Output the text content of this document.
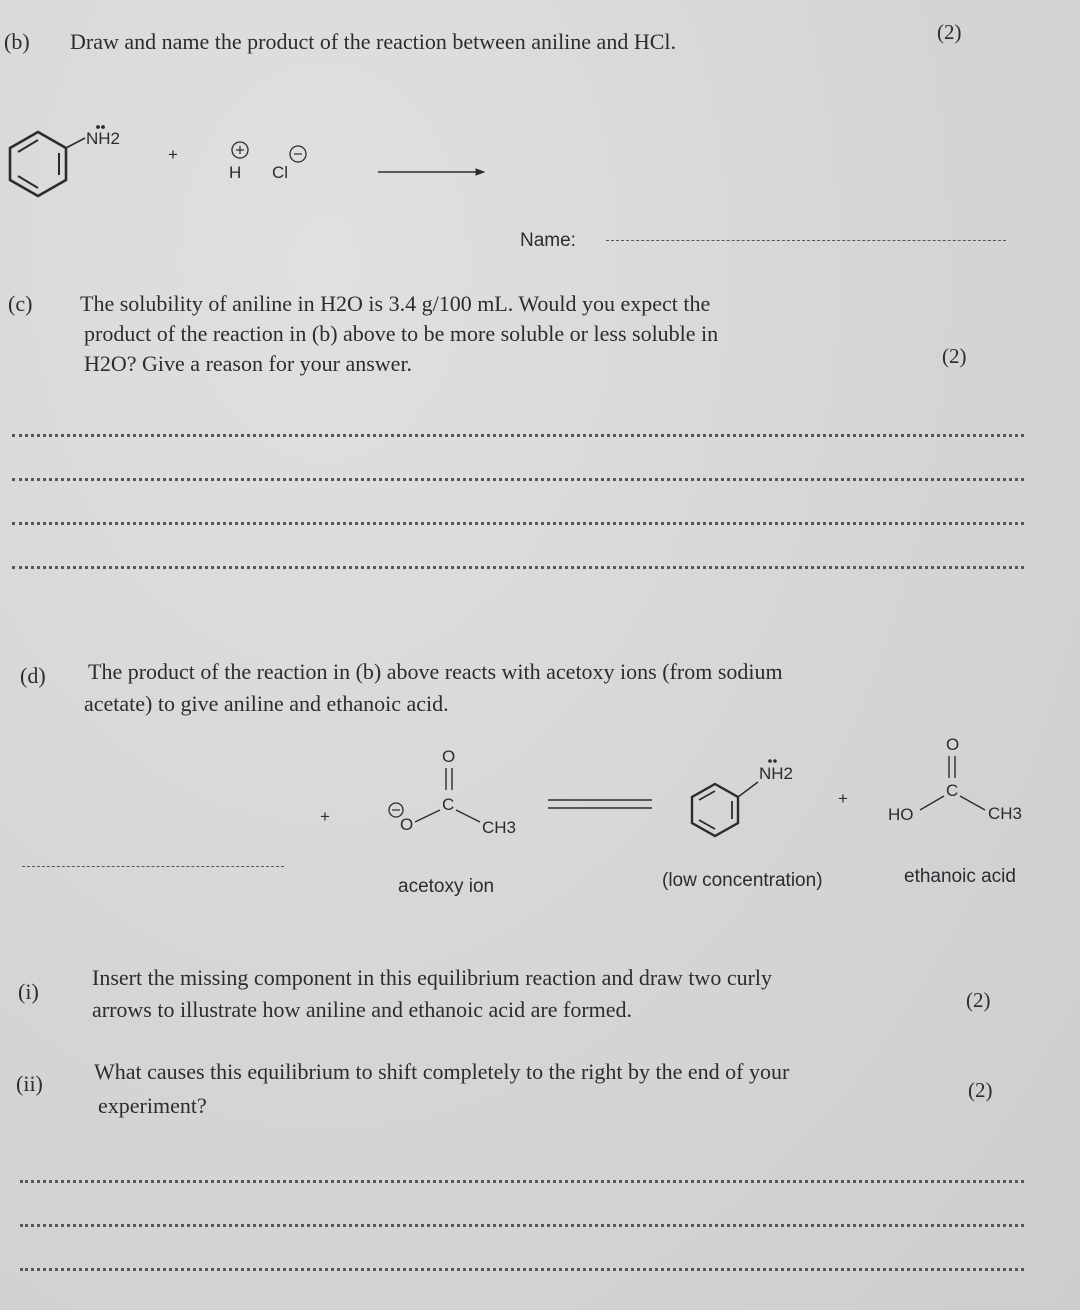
(b) Draw and name the product of the reaction between aniline and HCl.	(2)
NH2
+
H Cl
Name:
(c) The solubility of aniline in H2O is 3.4 g/100 mL. Would you expect the
product of the reaction in (b) above to be more soluble or less soluble in
H2O? Give a reason for your answer.	(2)
(d) The product of the reaction in (b) above reacts with acetoxy ions (from sodium
acetate) to give aniline and ethanoic acid.
+
O
C
O	CH3
NH2
+
O
C
HO	CH3
acetoxy ion	(low concentration)	ethanoic acid
(i)
Insert the missing component in this equilibrium reaction and draw two curly
arrows to illustrate how aniline and ethanoic acid are formed.	(2)
(ii) What causes this equilibrium to shift completely to the right by the end of your
experiment?
(2)
